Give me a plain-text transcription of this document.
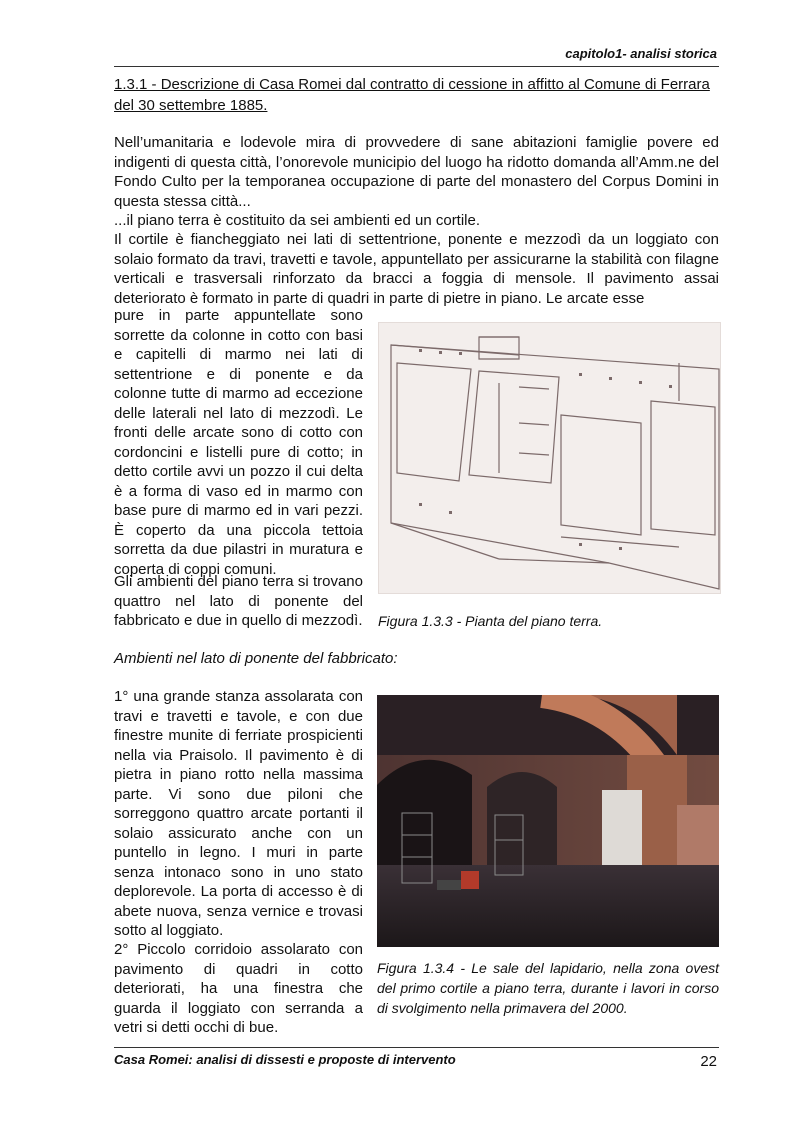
capitolo1- analisi storica
1.3.1 - Descrizione di Casa Romei dal contratto di cessione in affitto al Comune di Ferrara del 30 settembre 1885.
Nell’umanitaria e lodevole mira di provvedere di sane abitazioni famiglie povere ed indigenti di questa città, l’onorevole municipio del luogo ha ridotto domanda all’Amm.ne del Fondo Culto per la temporanea occupazione di parte del monastero del Corpus Domini in questa stessa città...
...il piano terra è costituito da sei ambienti ed un cortile.
Il cortile è fiancheggiato nei lati di settentrione, ponente e mezzodì da un loggiato con solaio formato da travi, travetti e tavole, appuntellato per assicurarne la stabilità con filagne verticali e trasversali rinforzato da bracci a foggia di mensole. Il pavimento assai deteriorato è formato in parte di quadri in parte di pietre in piano. Le arcate esse
pure in parte appuntellate sono sorrette da colonne in cotto con basi e capitelli di marmo nei lati di settentrione e di ponente e da colonne tutte di marmo ad eccezione delle laterali nel lato di mezzodì. Le fronti delle arcate sono di cotto con cordoncini e listelli pure di cotto; in detto cortile avvi un pozzo il cui delta è a forma di vaso ed in marmo con base pure di marmo ed in vari pezzi. È coperto da una piccola tettoia sorretta da due pilastri in muratura e coperta di coppi comuni.
Gli ambienti del piano terra si trovano quattro nel lato di ponente del fabbricato e due in quello di mezzodì. Figura 1.3.3 - Pianta del piano terra.
Ambienti nel lato di ponente del fabbricato:
1° una grande stanza assolarata con travi e travetti e tavole, e con due finestre munite di ferriate prospicienti nella via Praisolo. Il pavimento è di pietra in piano rotto nella massima parte. Vi sono due piloni che sorreggono quattro arcate portanti il solaio assicurato anche con un puntello in legno. I muri in parte senza intonaco sono in uno stato deplorevole. La porta di accesso è di abete nuova, senza vernice e trovasi sotto al loggiato.
2° Piccolo corridoio assolarato con pavimento di quadri in cotto deteriorati, ha una finestra che guarda il loggiato con serranda a vetri si detti occhi di bue.
Figura 1.3.4 - Le sale del lapidario, nella zona ovest del primo cortile a piano terra, durante i lavori in corso di svolgimento nella primavera del 2000.
Casa Romei: analisi di dissesti e proposte di intervento	22
